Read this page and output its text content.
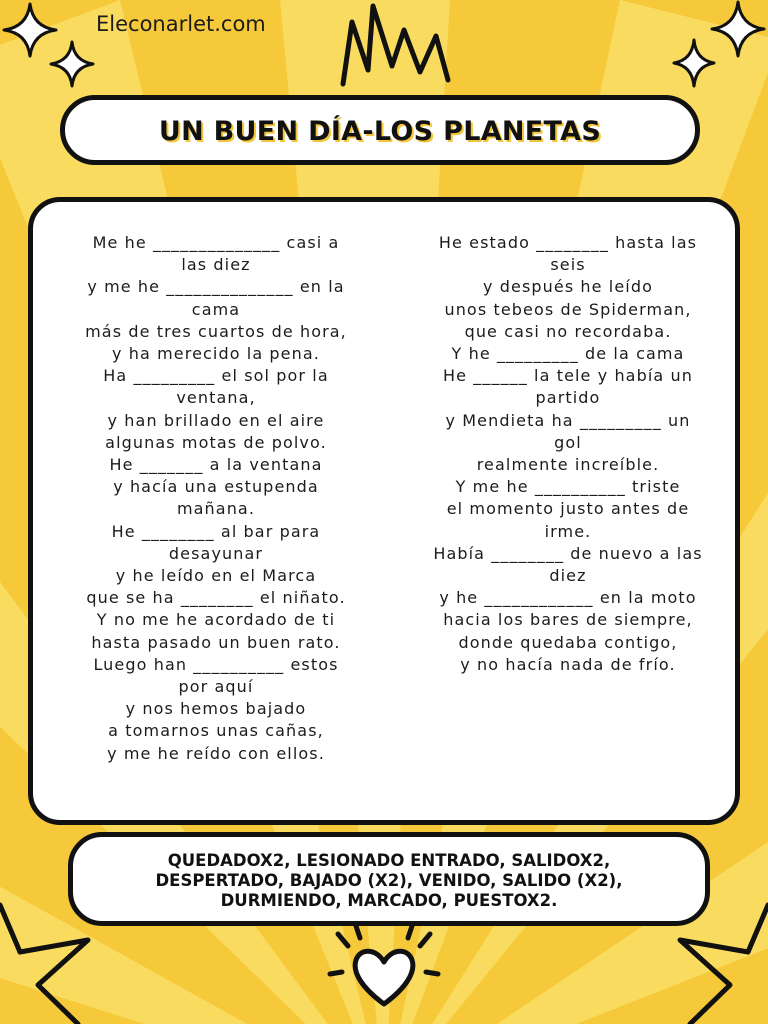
Eleconarlet.com
UN BUEN DÍA-LOS PLANETAS
Me he ______________ casi a
las diez
y me he ______________ en la
cama
más de tres cuartos de hora,
y ha merecido la pena.
Ha _________ el sol por la
ventana,
y han brillado en el aire
algunas motas de polvo.
He _______ a la ventana
y hacía una estupenda
mañana.
He ________ al bar para
desayunar
y he leído en el Marca
que se ha ________ el niñato.
Y no me he acordado de ti
hasta pasado un buen rato.
Luego han __________ estos
por aquí
y nos hemos bajado
a tomarnos unas cañas,
y me he reído con ellos.
He estado ________ hasta las
seis
y después he leído
unos tebeos de Spiderman,
que casi no recordaba.
Y he _________ de la cama
He ______ la tele y había un
partido
y Mendieta ha _________ un
gol
realmente increíble.
Y me he __________ triste
el momento justo antes de
irme.
Había ________ de nuevo a las
diez
y he ____________ en la moto
hacia los bares de siempre,
donde quedaba contigo,
y no hacía nada de frío.
QUEDADOX2, LESIONADO ENTRADO, SALIDOX2,
DESPERTADO, BAJADO (X2), VENIDO, SALIDO (X2),
DURMIENDO, MARCADO, PUESTOX2.
